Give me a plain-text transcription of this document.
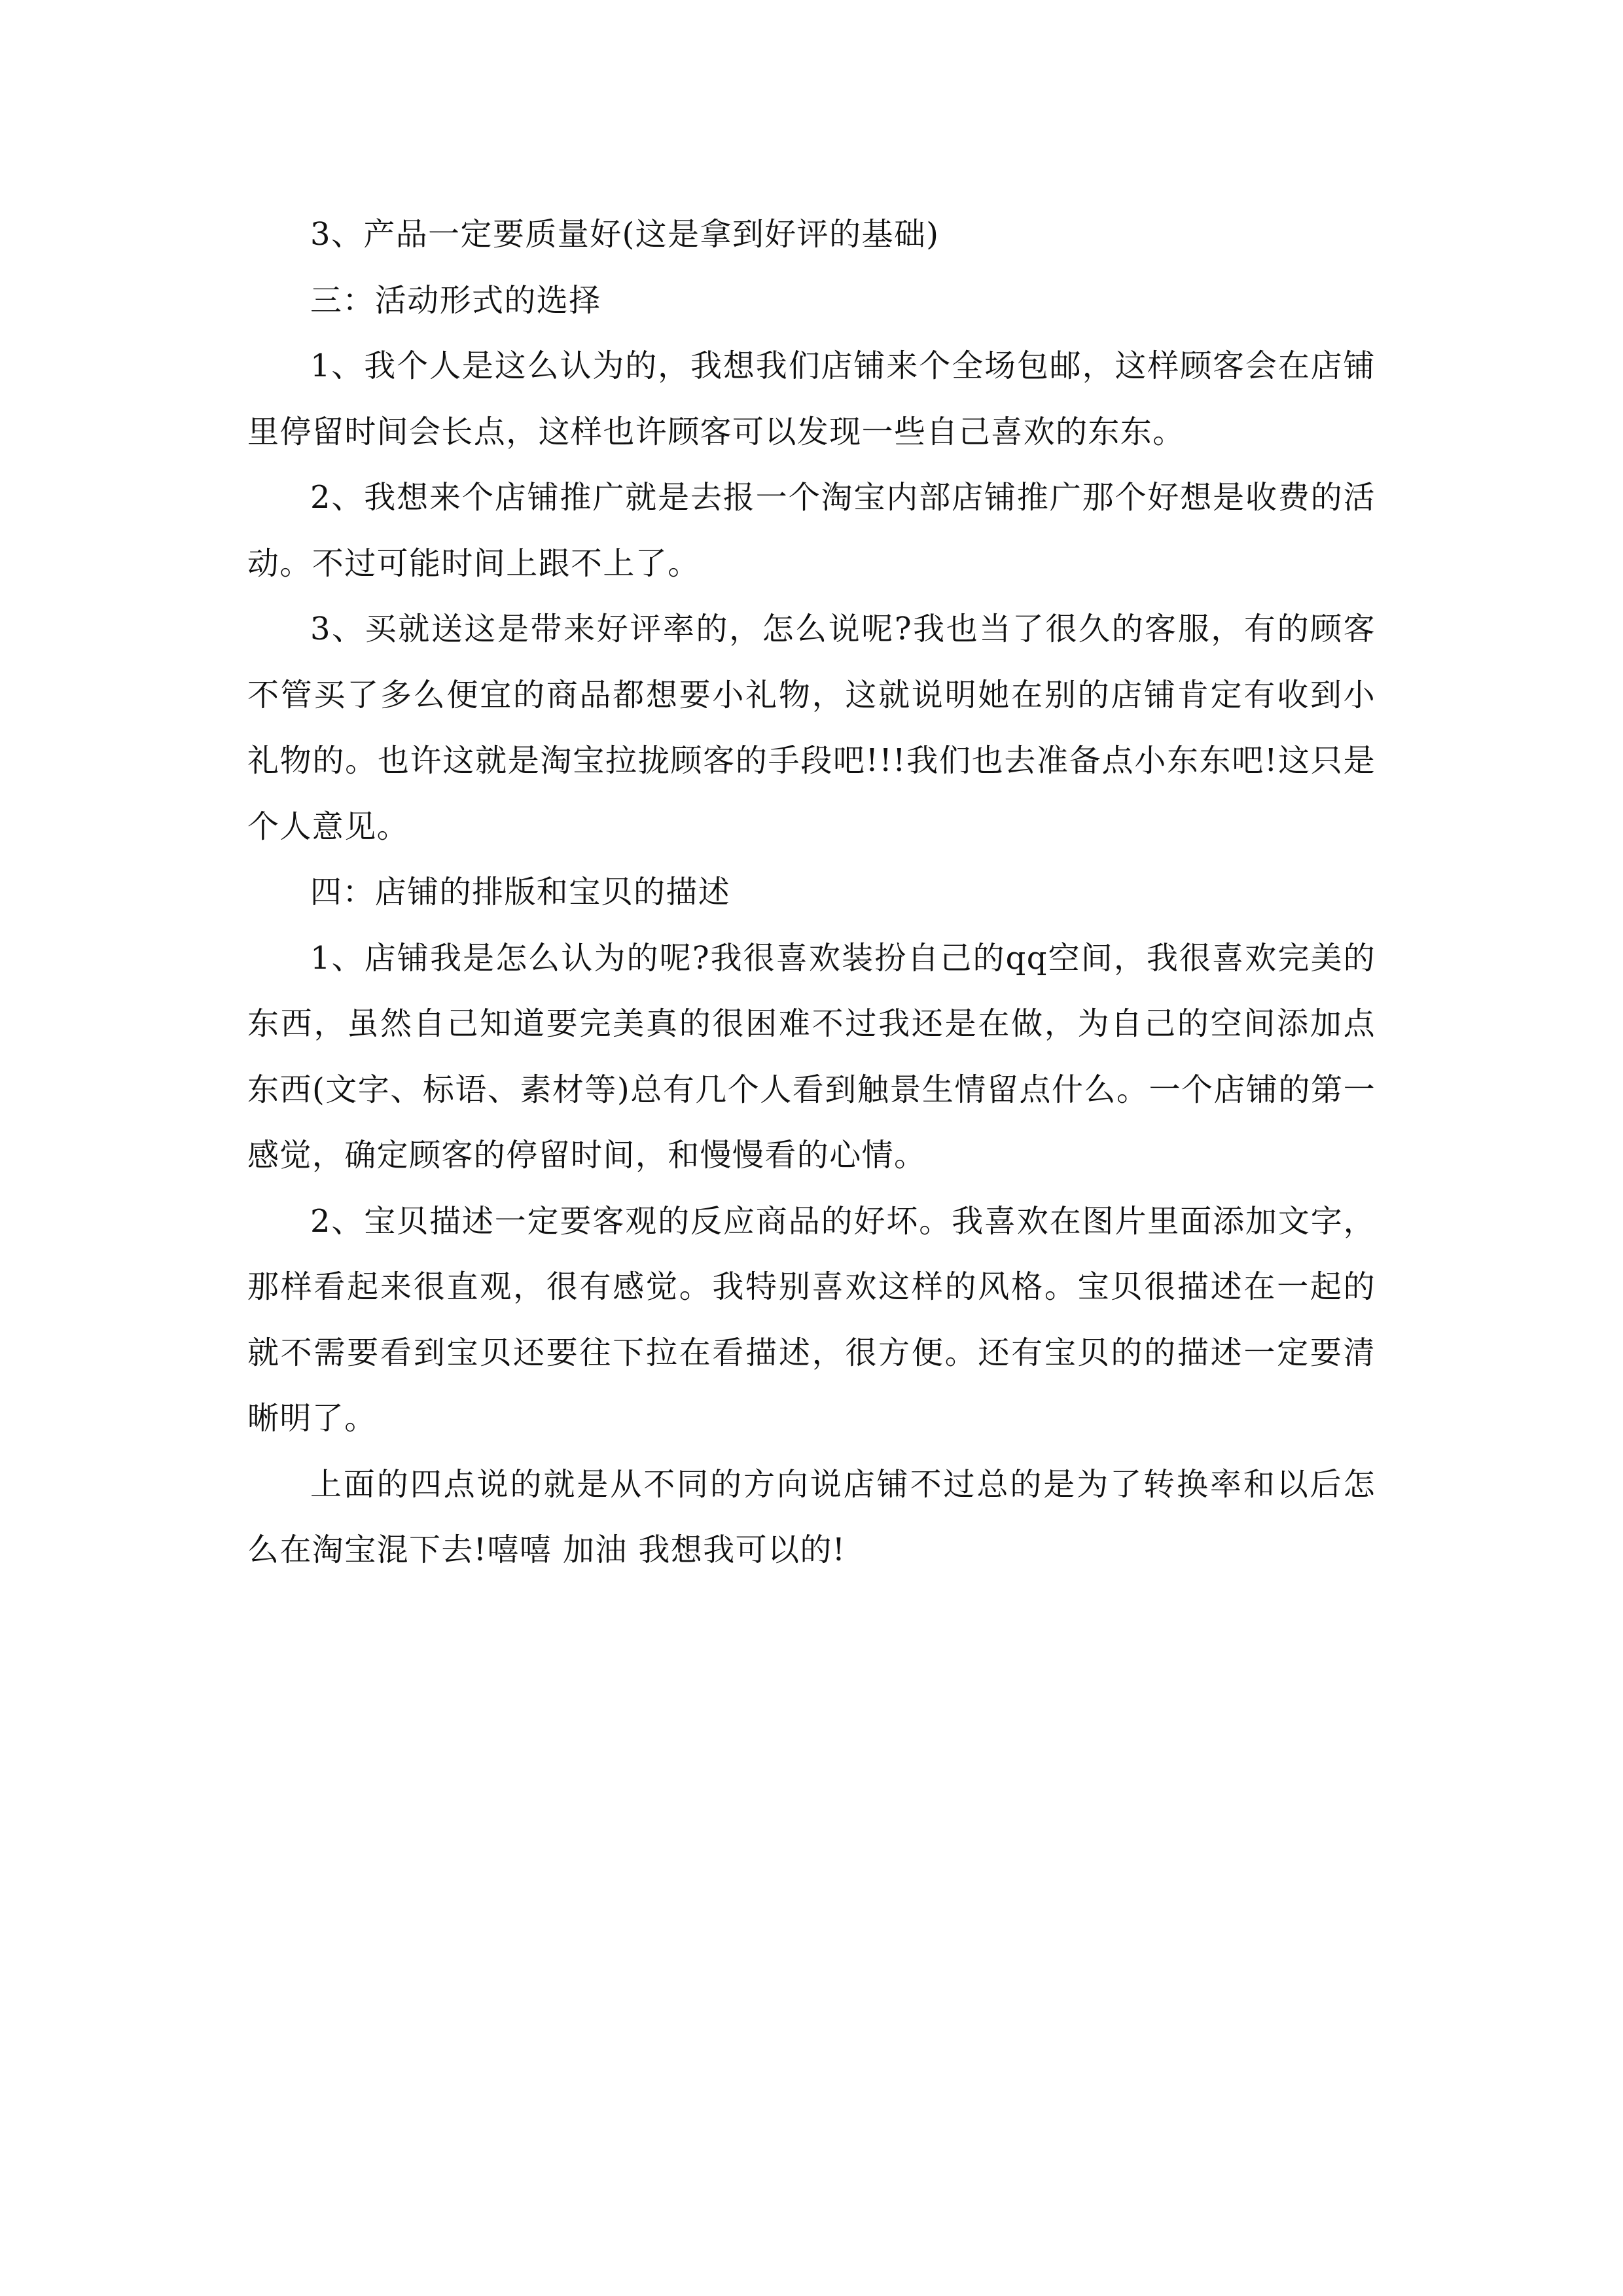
3、产品一定要质量好(这是拿到好评的基础)

三：活动形式的选择

1、我个人是这么认为的，我想我们店铺来个全场包邮，这样顾客会在店铺里停留时间会长点，这样也许顾客可以发现一些自己喜欢的东东。

2、我想来个店铺推广就是去报一个淘宝内部店铺推广那个好想是收费的活动。不过可能时间上跟不上了。

3、买就送这是带来好评率的，怎么说呢?我也当了很久的客服，有的顾客不管买了多么便宜的商品都想要小礼物，这就说明她在别的店铺肯定有收到小礼物的。也许这就是淘宝拉拢顾客的手段吧!!!我们也去准备点小东东吧!这只是个人意见。

四：店铺的排版和宝贝的描述

1、店铺我是怎么认为的呢?我很喜欢装扮自己的qq空间，我很喜欢完美的东西，虽然自己知道要完美真的很困难不过我还是在做，为自己的空间添加点东西(文字、标语、素材等)总有几个人看到触景生情留点什么。一个店铺的第一感觉，确定顾客的停留时间，和慢慢看的心情。

2、宝贝描述一定要客观的反应商品的好坏。我喜欢在图片里面添加文字，那样看起来很直观，很有感觉。我特别喜欢这样的风格。宝贝很描述在一起的就不需要看到宝贝还要往下拉在看描述，很方便。还有宝贝的的描述一定要清晰明了。

上面的四点说的就是从不同的方向说店铺不过总的是为了转换率和以后怎么在淘宝混下去!嘻嘻 加油 我想我可以的!
